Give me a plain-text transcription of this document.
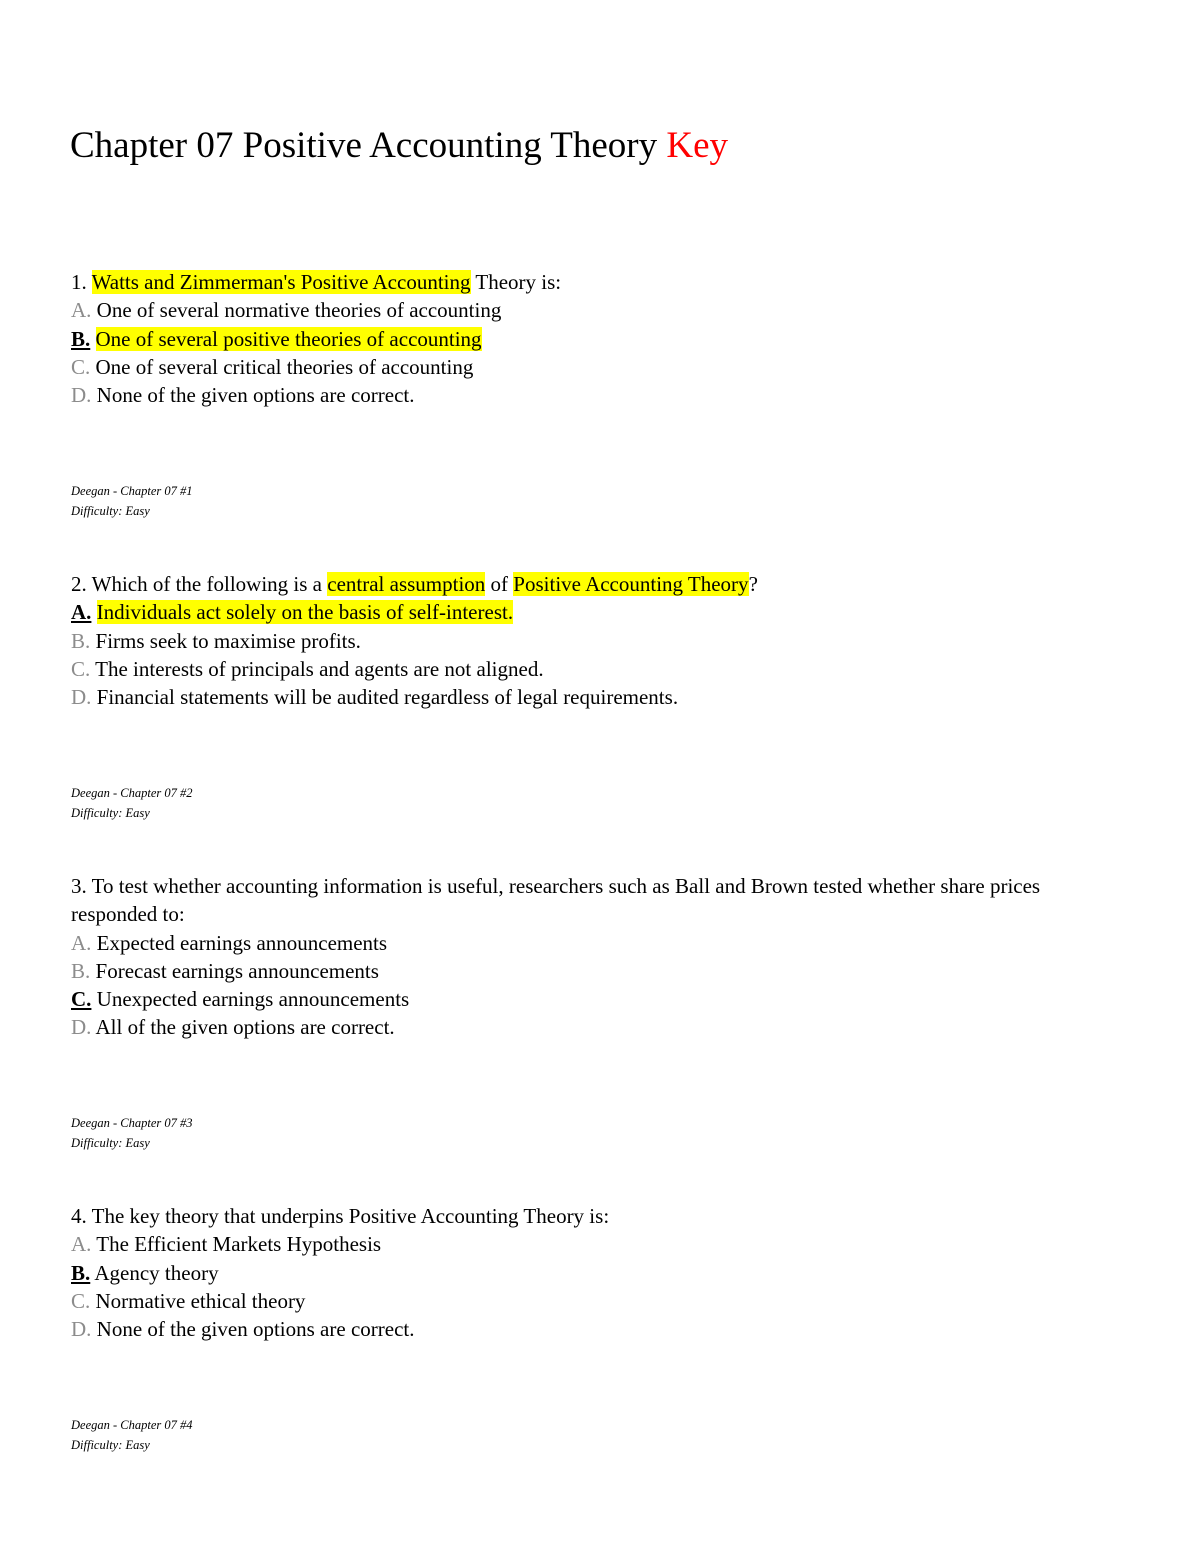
Chapter 07 Positive Accounting Theory Key

1. Watts and Zimmerman's Positive Accounting Theory is:

A. One of several normative theories of accounting

B. One of several positive theories of accounting

C. One of several critical theories of accounting

D. None of the given options are correct.

Deegan - Chapter 07 #1
Difficulty: Easy

2. Which of the following is a central assumption of Positive Accounting Theory?

A. Individuals act solely on the basis of self-interest.

B. Firms seek to maximise profits.

C. The interests of principals and agents are not aligned.

D. Financial statements will be audited regardless of legal requirements.

Deegan - Chapter 07 #2
Difficulty: Easy

3. To test whether accounting information is useful, researchers such as Ball and Brown tested whether share prices responded to:

A. Expected earnings announcements

B. Forecast earnings announcements

C. Unexpected earnings announcements

D. All of the given options are correct.

Deegan - Chapter 07 #3
Difficulty: Easy

4. The key theory that underpins Positive Accounting Theory is:

A. The Efficient Markets Hypothesis

B. Agency theory

C. Normative ethical theory

D. None of the given options are correct.

Deegan - Chapter 07 #4
Difficulty: Easy
